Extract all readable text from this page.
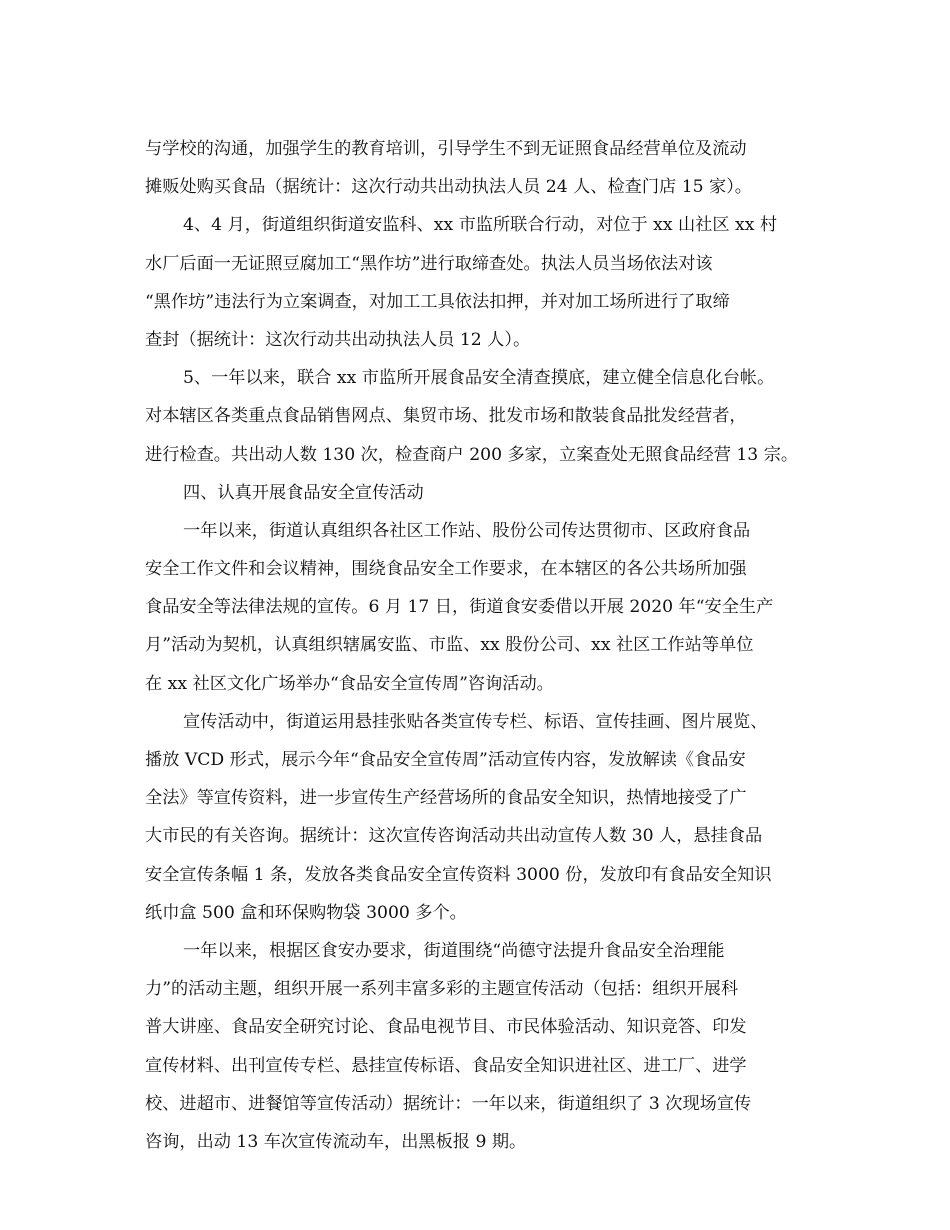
与学校的沟通，加强学生的教育培训，引导学生不到无证照食品经营单位及流动
摊贩处购买食品（据统计：这次行动共出动执法人员 24 人、检查门店 15 家）。
4、4 月，街道组织街道安监科、xx 市监所联合行动，对位于 xx 山社区 xx 村
水厂后面一无证照豆腐加工“黑作坊”进行取缔查处。执法人员当场依法对该
“黑作坊”违法行为立案调查，对加工工具依法扣押，并对加工场所进行了取缔
查封（据统计：这次行动共出动执法人员 12 人）。
5、一年以来，联合 xx 市监所开展食品安全清查摸底，建立健全信息化台帐。
对本辖区各类重点食品销售网点、集贸市场、批发市场和散装食品批发经营者，
进行检查。共出动人数 130 次，检查商户 200 多家，立案查处无照食品经营 13 宗。
四、认真开展食品安全宣传活动
一年以来，街道认真组织各社区工作站、股份公司传达贯彻市、区政府食品
安全工作文件和会议精神，围绕食品安全工作要求，在本辖区的各公共场所加强
食品安全等法律法规的宣传。6 月 17 日，街道食安委借以开展 2020 年“安全生产
月”活动为契机，认真组织辖属安监、市监、xx 股份公司、xx 社区工作站等单位
在 xx 社区文化广场举办“食品安全宣传周”咨询活动。
宣传活动中，街道运用悬挂张贴各类宣传专栏、标语、宣传挂画、图片展览、
播放 VCD 形式，展示今年“食品安全宣传周”活动宣传内容，发放解读《食品安
全法》等宣传资料，进一步宣传生产经营场所的食品安全知识，热情地接受了广
大市民的有关咨询。据统计：这次宣传咨询活动共出动宣传人数 30 人，悬挂食品
安全宣传条幅 1 条，发放各类食品安全宣传资料 3000 份，发放印有食品安全知识
纸巾盒 500 盒和环保购物袋 3000 多个。
一年以来，根据区食安办要求，街道围绕“尚德守法提升食品安全治理能
力”的活动主题，组织开展一系列丰富多彩的主题宣传活动（包括：组织开展科
普大讲座、食品安全研究讨论、食品电视节目、市民体验活动、知识竞答、印发
宣传材料、出刊宣传专栏、悬挂宣传标语、食品安全知识进社区、进工厂、进学
校、进超市、进餐馆等宣传活动）据统计：一年以来，街道组织了 3 次现场宣传
咨询，出动 13 车次宣传流动车，出黑板报 9 期。
